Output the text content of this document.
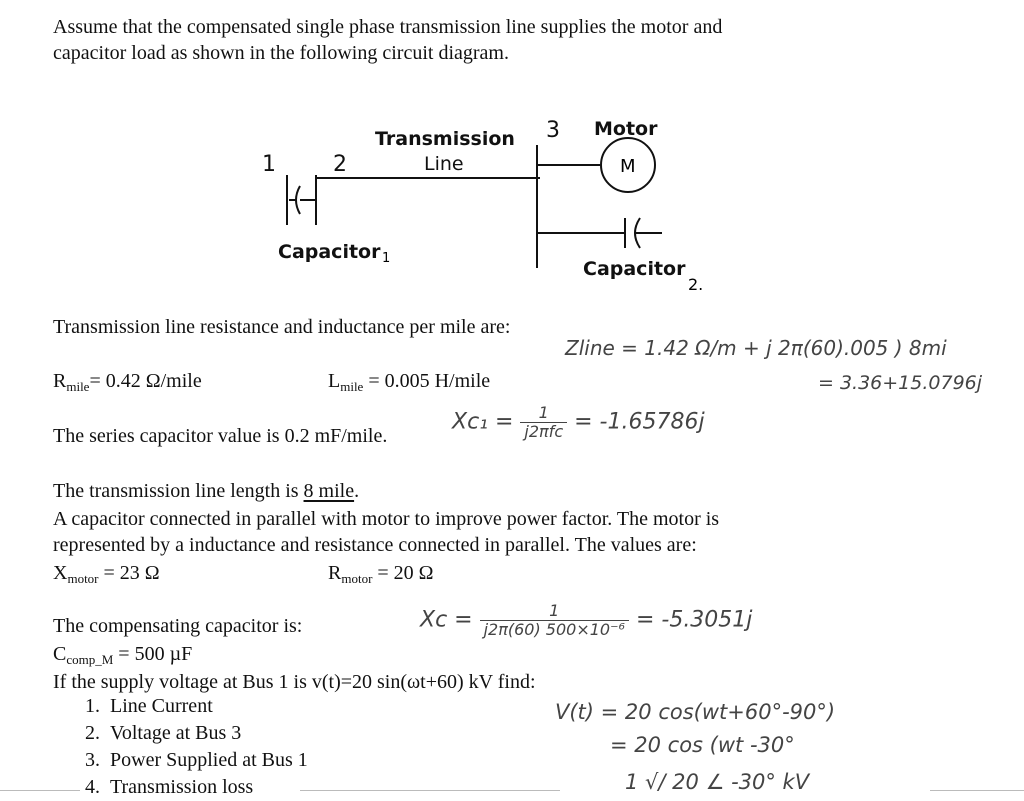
Assume that the compensated single phase transmission line supplies the motor and
capacitor load as shown in the following circuit diagram.
1	2
3
Transmission
Line
Motor
M
Capacitor 1	Capacitor
2.
Transmission line resistance and inductance per mile are:
$R_{mile}= 0.42$ Ω/mile	$L_{mile} = 0.005$ H/mile
The series capacitor value is 0.2 mF/mile.
The transmission line length is 8 mile.
A capacitor connected in parallel with motor to improve power factor. The motor is
represented by a inductance and resistance connected in parallel. The values are:
$X_{motor} = 23$ Ω	$R_{motor} = 20$ Ω
The compensating capacitor is:
$C_{comp\_M} = 500$ µF
If the supply voltage at Bus 1 is v(t)=20 sin(ωt+60) kV find:
1. Line Current
2. Voltage at Bus 3
3. Power Supplied at Bus 1
4. Transmission loss
Zline = 1.42 Ω/m + j 2π(60).005 ) 8mi
= 3.36+15.0796j
$Xc_1 = \frac{1}{\text{j2πfc}} = -1.65786j$
$Xc = \frac{1}{\text{j2π(60) 500×10⁻⁶}} = -5.3051j$
V(t) = 20 cos(wt+60°-90°)
= 20 cos (wt -30°
1 √/ 20 ∠ -30° kV
